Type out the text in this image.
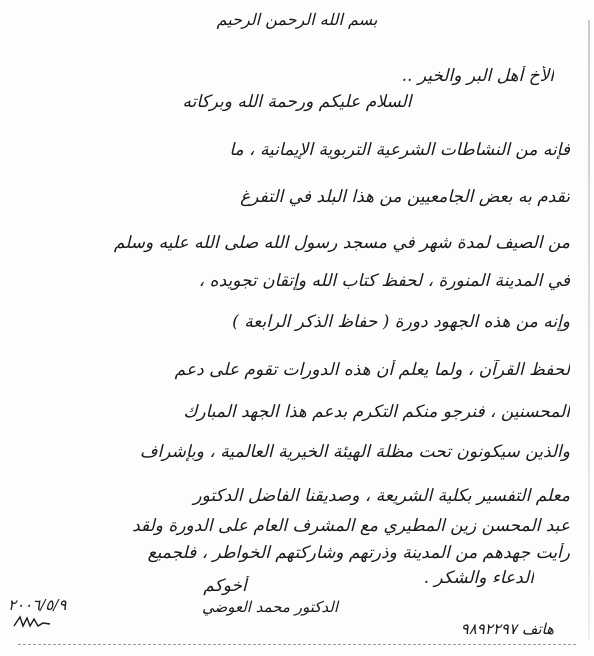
بسم الله الرحمن الرحيم
الأخ أهل البر والخير ..
السلام عليكم ورحمة الله وبركاته
فإنه من النشاطات الشرعية التربوية الإيمانية ، ما
تقدم به بعض الجامعيين من هذا البلد في التفرغ
من الصيف لمدة شهر في مسجد رسول الله صلى الله عليه وسلم
في المدينة المنورة ، لحفظ كتاب الله وإتقان تجويده ،
وإنه من هذه الجهود دورة ( حفاظ الذكر الرابعة )
لحفظ القرآن ، ولما يعلم أن هذه الدورات تقوم على دعم
المحسنين ، فنرجو منكم التكرم بدعم هذا الجهد المبارك
والذين سيكونون تحت مظلة الهيئة الخيرية العالمية ، وبإشراف
معلم التفسير بكلية الشريعة ، وصديقنا الفاضل الدكتور
عبد المحسن زين المطيري مع المشرف العام على الدورة ولقد
رأيت جهدهم من المدينة وذرتهم وشاركتهم الخواطر ، فلجميع
الدعاء والشكر .
أخوكم
الدكتور محمد العوضي
٢٠٠٦/٥/٩
هاتف ٩٨٩٢٢٩٧
